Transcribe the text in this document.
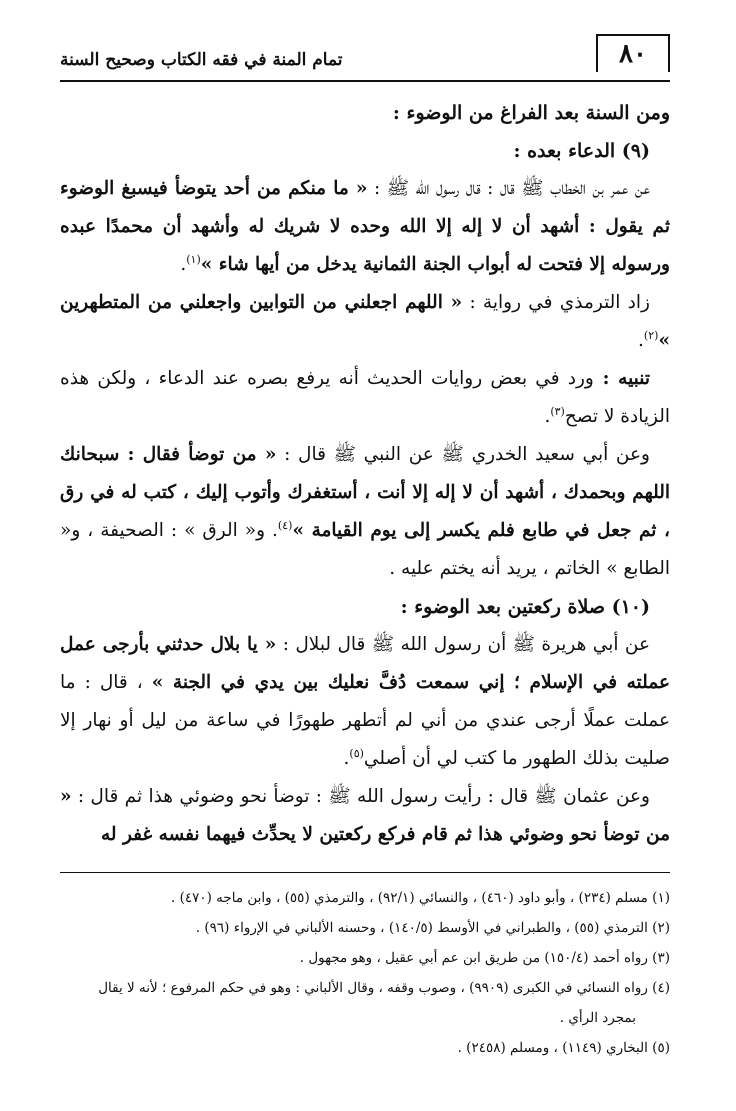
٨٠
تمام المنة في فقه الكتاب وصحيح السنة

ومن السنة بعد الفراغ من الوضوء :

(٩) الدعاء بعده :

عن عمر بن الخطاب ﷺ قال : قال رسول الله ﷺ : « ما منكم من أحد يتوضأ فيسبغ الوضوء ثم يقول : أشهد أن لا إله إلا الله وحده لا شريك له وأشهد أن محمدًا عبده ورسوله إلا فتحت له أبواب الجنة الثمانية يدخل من أيها شاء »$^{(١)}$.

زاد الترمذي في رواية : « اللهم اجعلني من التوابين واجعلني من المتطهرين »$^{(٢)}$.

تنبيه : ورد في بعض روايات الحديث أنه يرفع بصره عند الدعاء ، ولكن هذه الزيادة لا تصح$^{(٣)}$.

وعن أبي سعيد الخدري ﷺ عن النبي ﷺ قال : « من توضأ فقال : سبحانك اللهم وبحمدك ، أشهد أن لا إله إلا أنت ، أستغفرك وأتوب إليك ، كتب له في رق ، ثم جعل في طابع فلم يكسر إلى يوم القيامة »$^{(٤)}$. و« الرق » : الصحيفة ، و« الطابع » الخاتم ، يريد أنه يختم عليه .

(١٠) صلاة ركعتين بعد الوضوء :

عن أبي هريرة ﷺ أن رسول الله ﷺ قال لبلال : « يا بلال حدثني بأرجى عمل عملته في الإسلام ؛ إني سمعت دُفَّ نعليك بين يدي في الجنة » ، قال : ما عملت عملًا أرجى عندي من أني لم أتطهر طهورًا في ساعة من ليل أو نهار إلا صليت بذلك الطهور ما كتب لي أن أصلي$^{(٥)}$.

وعن عثمان ﷺ قال : رأيت رسول الله ﷺ : توضأ نحو وضوئي هذا ثم قال : « من توضأ نحو وضوئي هذا ثم قام فركع ركعتين لا يحدِّث فيهما نفسه غفر له

(١) مسلم (٢٣٤) ، وأبو داود (٤٦٠) ، والنسائي (٩٢/١) ، والترمذي (٥٥) ، وابن ماجه (٤٧٠) .

(٢) الترمذي (٥٥) ، والطبراني في الأوسط (١٤٠/٥) ، وحسنه الألباني في الإرواء (٩٦) .

(٣) رواه أحمد (١٥٠/٤) من طريق ابن عم أبي عقيل ، وهو مجهول .

(٤) رواه النسائي في الكبرى (٩٩٠٩) ، وصوب وقفه ، وقال الألباني : وهو في حكم المرفوع ؛ لأنه لا يقال

بمجرد الرأي .

(٥) البخاري (١١٤٩) ، ومسلم (٢٤٥٨) .
